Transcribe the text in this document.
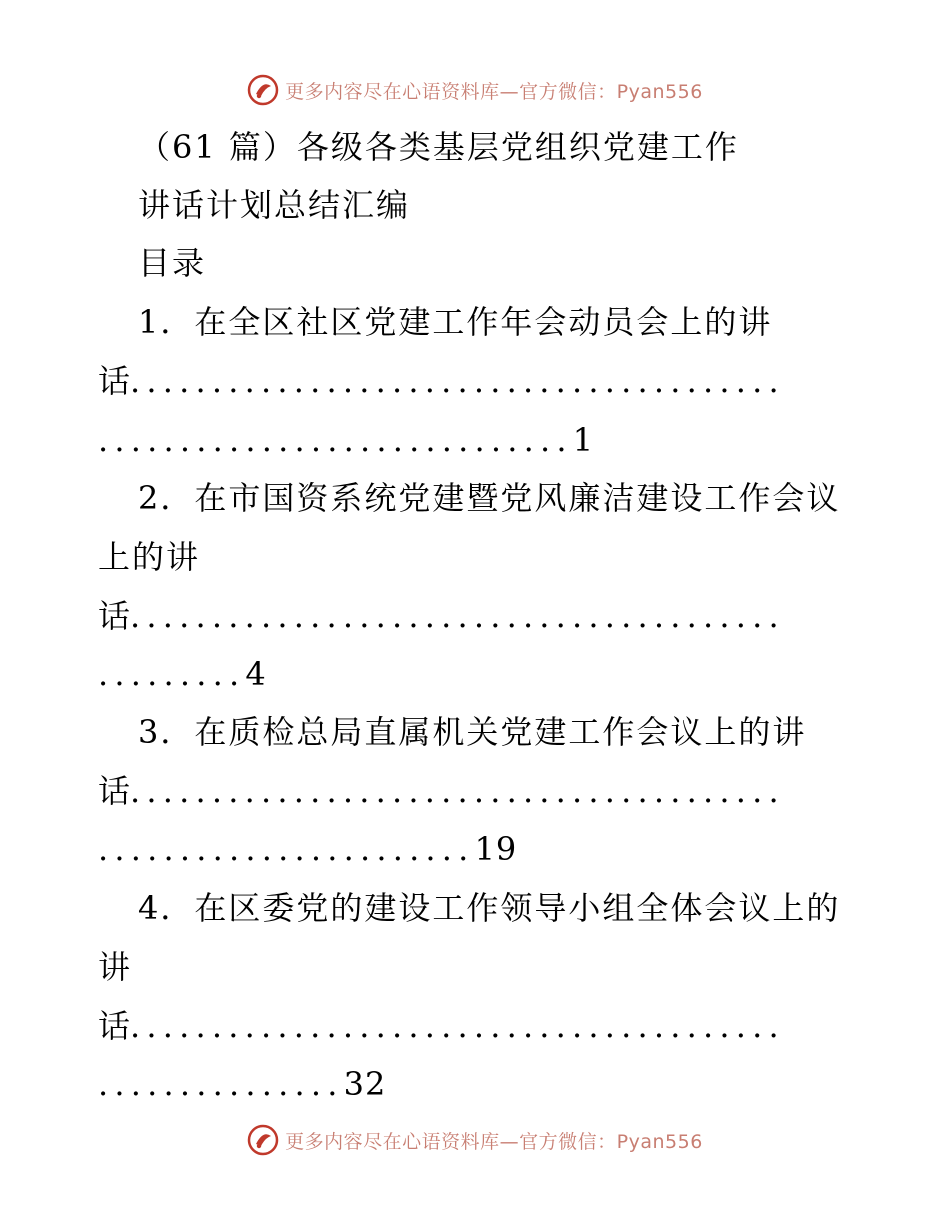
更多内容尽在心语资料库—官方微信：Pyan556
（61 篇）各级各类基层党组织党建工作
讲话计划总结汇编
目录
1．在全区社区党建工作年会动员会上的讲
话........................................
.............................1
2．在市国资系统党建暨党风廉洁建设工作会议
上的讲
话........................................
.........4
3．在质检总局直属机关党建工作会议上的讲
话........................................
.......................19
4．在区委党的建设工作领导小组全体会议上的
讲
话........................................
...............32
更多内容尽在心语资料库—官方微信：Pyan556
